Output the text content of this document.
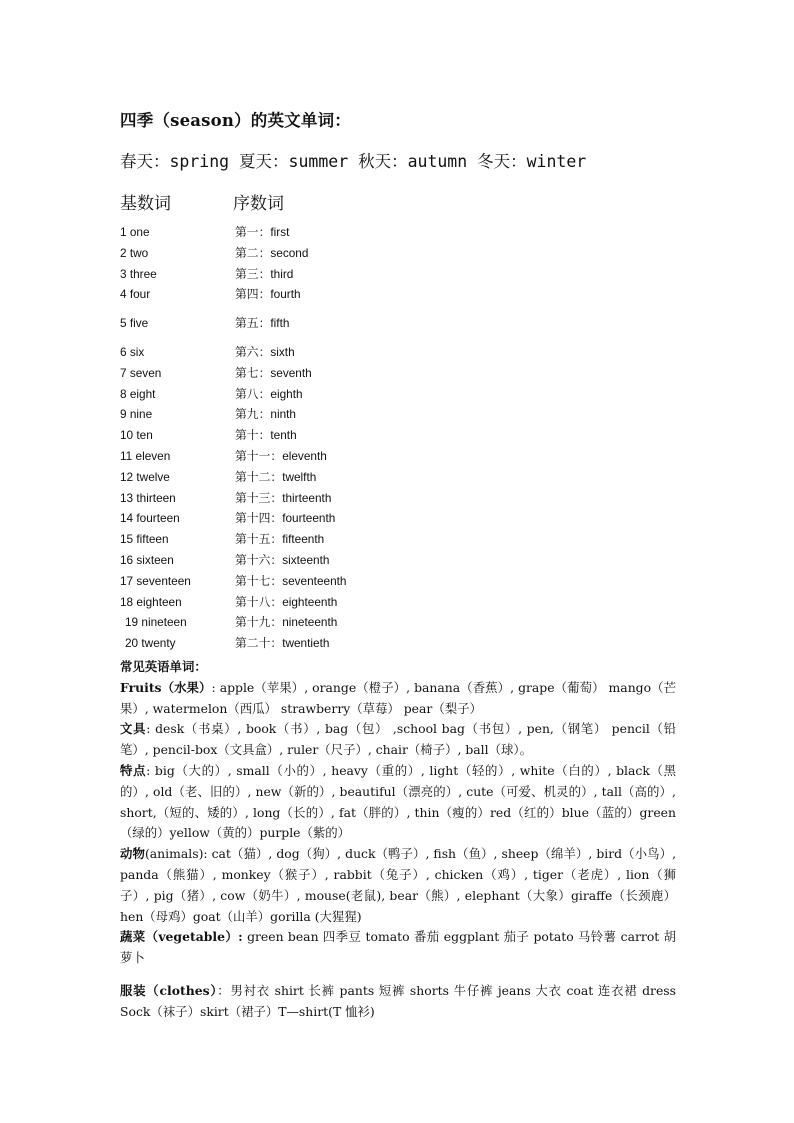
四季（season）的英文单词：
春天：spring 夏天：summer 秋天：autumn 冬天：winter
基数词	序数词
1 one	第一：first
2 two	第二：second
3 three	第三：third
4 four	第四：fourth
5 five	第五：fifth
6 six	第六：sixth
7 seven	第七：seventh
8 eight	第八：eighth
9 nine	第九：ninth
10 ten	第十：tenth
11 eleven	第十一：eleventh
12 twelve	第十二：twelfth
13 thirteen	第十三：thirteenth
14 fourteen	第十四：fourteenth
15 fifteen	第十五：fifteenth
16 sixteen	第十六：sixteenth
17 seventeen	第十七：seventeenth
18 eighteen	第十八：eighteenth
19 nineteen	第十九：nineteenth
20 twenty	第二十：twentieth

常见英语单词：

Fruits（水果）: apple（苹果）, orange（橙子）, banana（香蕉）, grape（葡萄） mango（芒果）, watermelon（西瓜） strawberry（草莓） pear（梨子）

文具: desk（书桌）, book（书）, bag（包） ,school bag（书包）, pen,（钢笔） pencil（铅笔）, pencil-box（文具盒）, ruler（尺子）, chair（椅子）, ball（球）。

特点: big（大的）, small（小的）, heavy（重的）, light（轻的）, white（白的）, black（黑的）, old（老、旧的）, new（新的）, beautiful（漂亮的）, cute（可爱、机灵的）, tall（高的）, short,（短的、矮的）, long（长的）, fat（胖的）, thin（瘦的）red（红的）blue（蓝的）green（绿的）yellow（黄的）purple（紫的）

动物(animals): cat（猫）, dog（狗）, duck（鸭子）, fish（鱼）, sheep（绵羊）, bird（小鸟）, panda（熊猫）, monkey（猴子）, rabbit（兔子）, chicken（鸡）, tiger（老虎）, lion（狮子）, pig（猪）, cow（奶牛）, mouse(老鼠), bear（熊）, elephant（大象）giraffe（长颈鹿）hen（母鸡）goat（山羊）gorilla (大猩猩)

蔬菜（vegetable）: green bean 四季豆 tomato 番茄 eggplant 茄子 potato 马铃薯 carrot 胡萝卜

服装（clothes）：男衬衣 shirt 长裤 pants 短裤 shorts 牛仔裤 jeans 大衣 coat 连衣裙 dress Sock（袜子）skirt（裙子）T—shirt(T 恤衫)
